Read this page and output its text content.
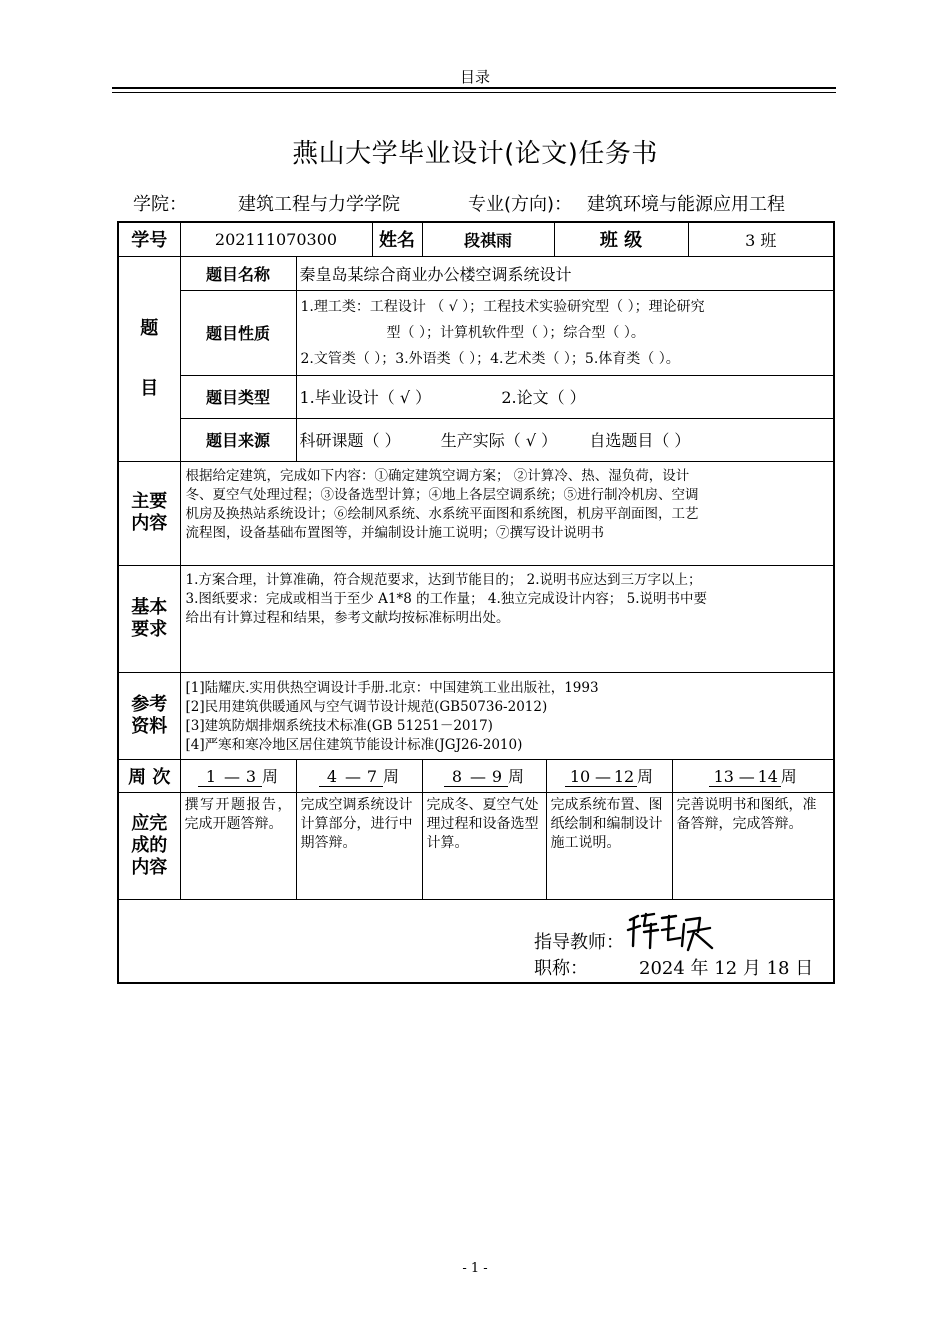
目录
燕山大学毕业设计(论文)任务书
学院：	建筑工程与力学学院	专业(方向)： 建筑环境与能源应用工程
学号	202111070300		姓名	段祺雨		班 级		3 班

题
目	题目名称	秦皇岛某综合商业办公楼空调系统设计						
	题目性质	1.理工类：工程设计 （ √ ）；工程技术实验研究型（ ）；理论研究
型（ ）；计算机软件型（ ）；综合型（ ）。
2.文管类（ ）；3.外语类（ ）；4.艺术类（ ）；5.体育类（ ）。						

	题目类型	1.毕业设计（ √ ） 2.论文（ ）						
	题目来源	科研课题（ ） 生产实际（ √ ） 自选题目（ ）						

主要
内容	根据给定建筑，完成如下内容：①确定建筑空调方案； ②计算冷、热、湿负荷，设计
冬、夏空气处理过程；③设备选型计算；④地上各层空调系统；⑤进行制冷机房、空调
机房及换热站系统设计；⑥绘制风系统、水系统平面图和系统图，机房平剖面图，工艺
流程图，设备基础布置图等，并编制设计施工说明；⑦撰写设计说明书							

基本
要求	1.方案合理，计算准确，符合规范要求，达到节能目的； 2.说明书应达到三万字以上；
3.图纸要求：完成或相当于至少 A1*8 的工作量； 4.独立完成设计内容； 5.说明书中要
给出有计算过程和结果，参考文献均按标准标明出处。							

参考
资料	[1]陆耀庆.实用供热空调设计手册.北京：中国建筑工业出版社，1993
[2]民用建筑供暖通风与空气调节设计规范(GB50736-2012)
[3]建筑防烟排烟系统技术标准(GB 51251－2017)
[4]严寒和寒冷地区居住建筑节能设计标准(JGJ26-2010)							

周 次	1 — 3 周	4 — 7 周		8 — 9 周	10 — 12 周		13 — 14 周	

应完
成的
内容	撰写开题报告，完成开题答辩。	完成空调系统设计计算部分，进行中期答辩。		完成冬、夏空气处理过程和设备选型计算。	完成系统布置、图纸绘制和编制设计施工说明。		完善说明书和图纸，准备答辩，完成答辩。	

指导教师：
职称： 2024 年 12 月 18 日								
- 1 -
